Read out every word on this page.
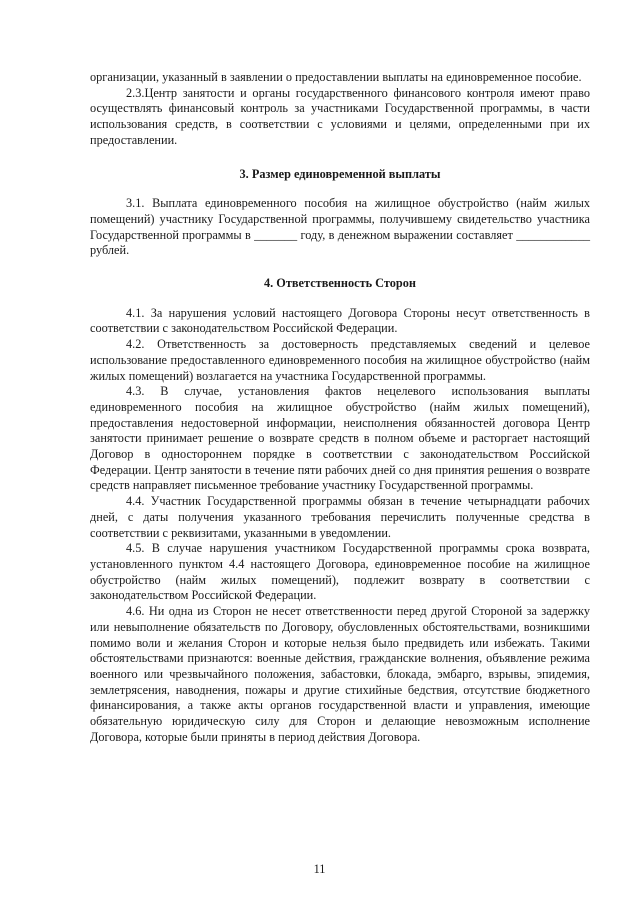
организации, указанный в заявлении о предоставлении выплаты на единовременное пособие.

2.3.Центр занятости и органы государственного финансового контроля имеют право осуществлять финансовый контроль за участниками Государственной программы, в части использования средств, в соответствии с условиями и целями, определенными при их предоставлении.

3. Размер единовременной выплаты

3.1. Выплата единовременного пособия на жилищное обустройство (найм жилых помещений) участнику Государственной программы, получившему свидетельство участника Государственной программы в _______ году, в денежном выражении составляет ____________ рублей.

4. Ответственность Сторон

4.1. За нарушения условий настоящего Договора Стороны несут ответственность в соответствии с законодательством Российской Федерации.

4.2. Ответственность за достоверность представляемых сведений и целевое использование предоставленного единовременного пособия на жилищное обустройство (найм жилых помещений) возлагается на участника Государственной программы.

4.3. В случае, установления фактов нецелевого использования выплаты единовременного пособия на жилищное обустройство (найм жилых помещений), предоставления недостоверной информации, неисполнения обязанностей договора Центр занятости принимает решение о возврате средств в полном объеме и расторгает настоящий Договор в одностороннем порядке в соответствии с законодательством Российской Федерации. Центр занятости в течение пяти рабочих дней со дня принятия решения о возврате средств направляет письменное требование участнику Государственной программы.

4.4. Участник Государственной программы обязан в течение четырнадцати рабочих дней, с даты получения указанного требования перечислить полученные средства в соответствии с реквизитами, указанными в уведомлении.

4.5. В случае нарушения участником Государственной программы срока возврата, установленного пунктом 4.4 настоящего Договора, единовременное пособие на жилищное обустройство (найм жилых помещений), подлежит возврату в соответствии с законодательством Российской Федерации.

4.6. Ни одна из Сторон не несет ответственности перед другой Стороной за задержку или невыполнение обязательств по Договору, обусловленных обстоятельствами, возникшими помимо воли и желания Сторон и которые нельзя было предвидеть или избежать. Такими обстоятельствами признаются: военные действия, гражданские волнения, объявление режима военного или чрезвычайного положения, забастовки, блокада, эмбарго, взрывы, эпидемия, землетрясения, наводнения, пожары и другие стихийные бедствия, отсутствие бюджетного финансирования, а также акты органов государственной власти и управления, имеющие обязательную юридическую силу для Сторон и делающие невозможным исполнение Договора, которые были приняты в период действия Договора.

11
